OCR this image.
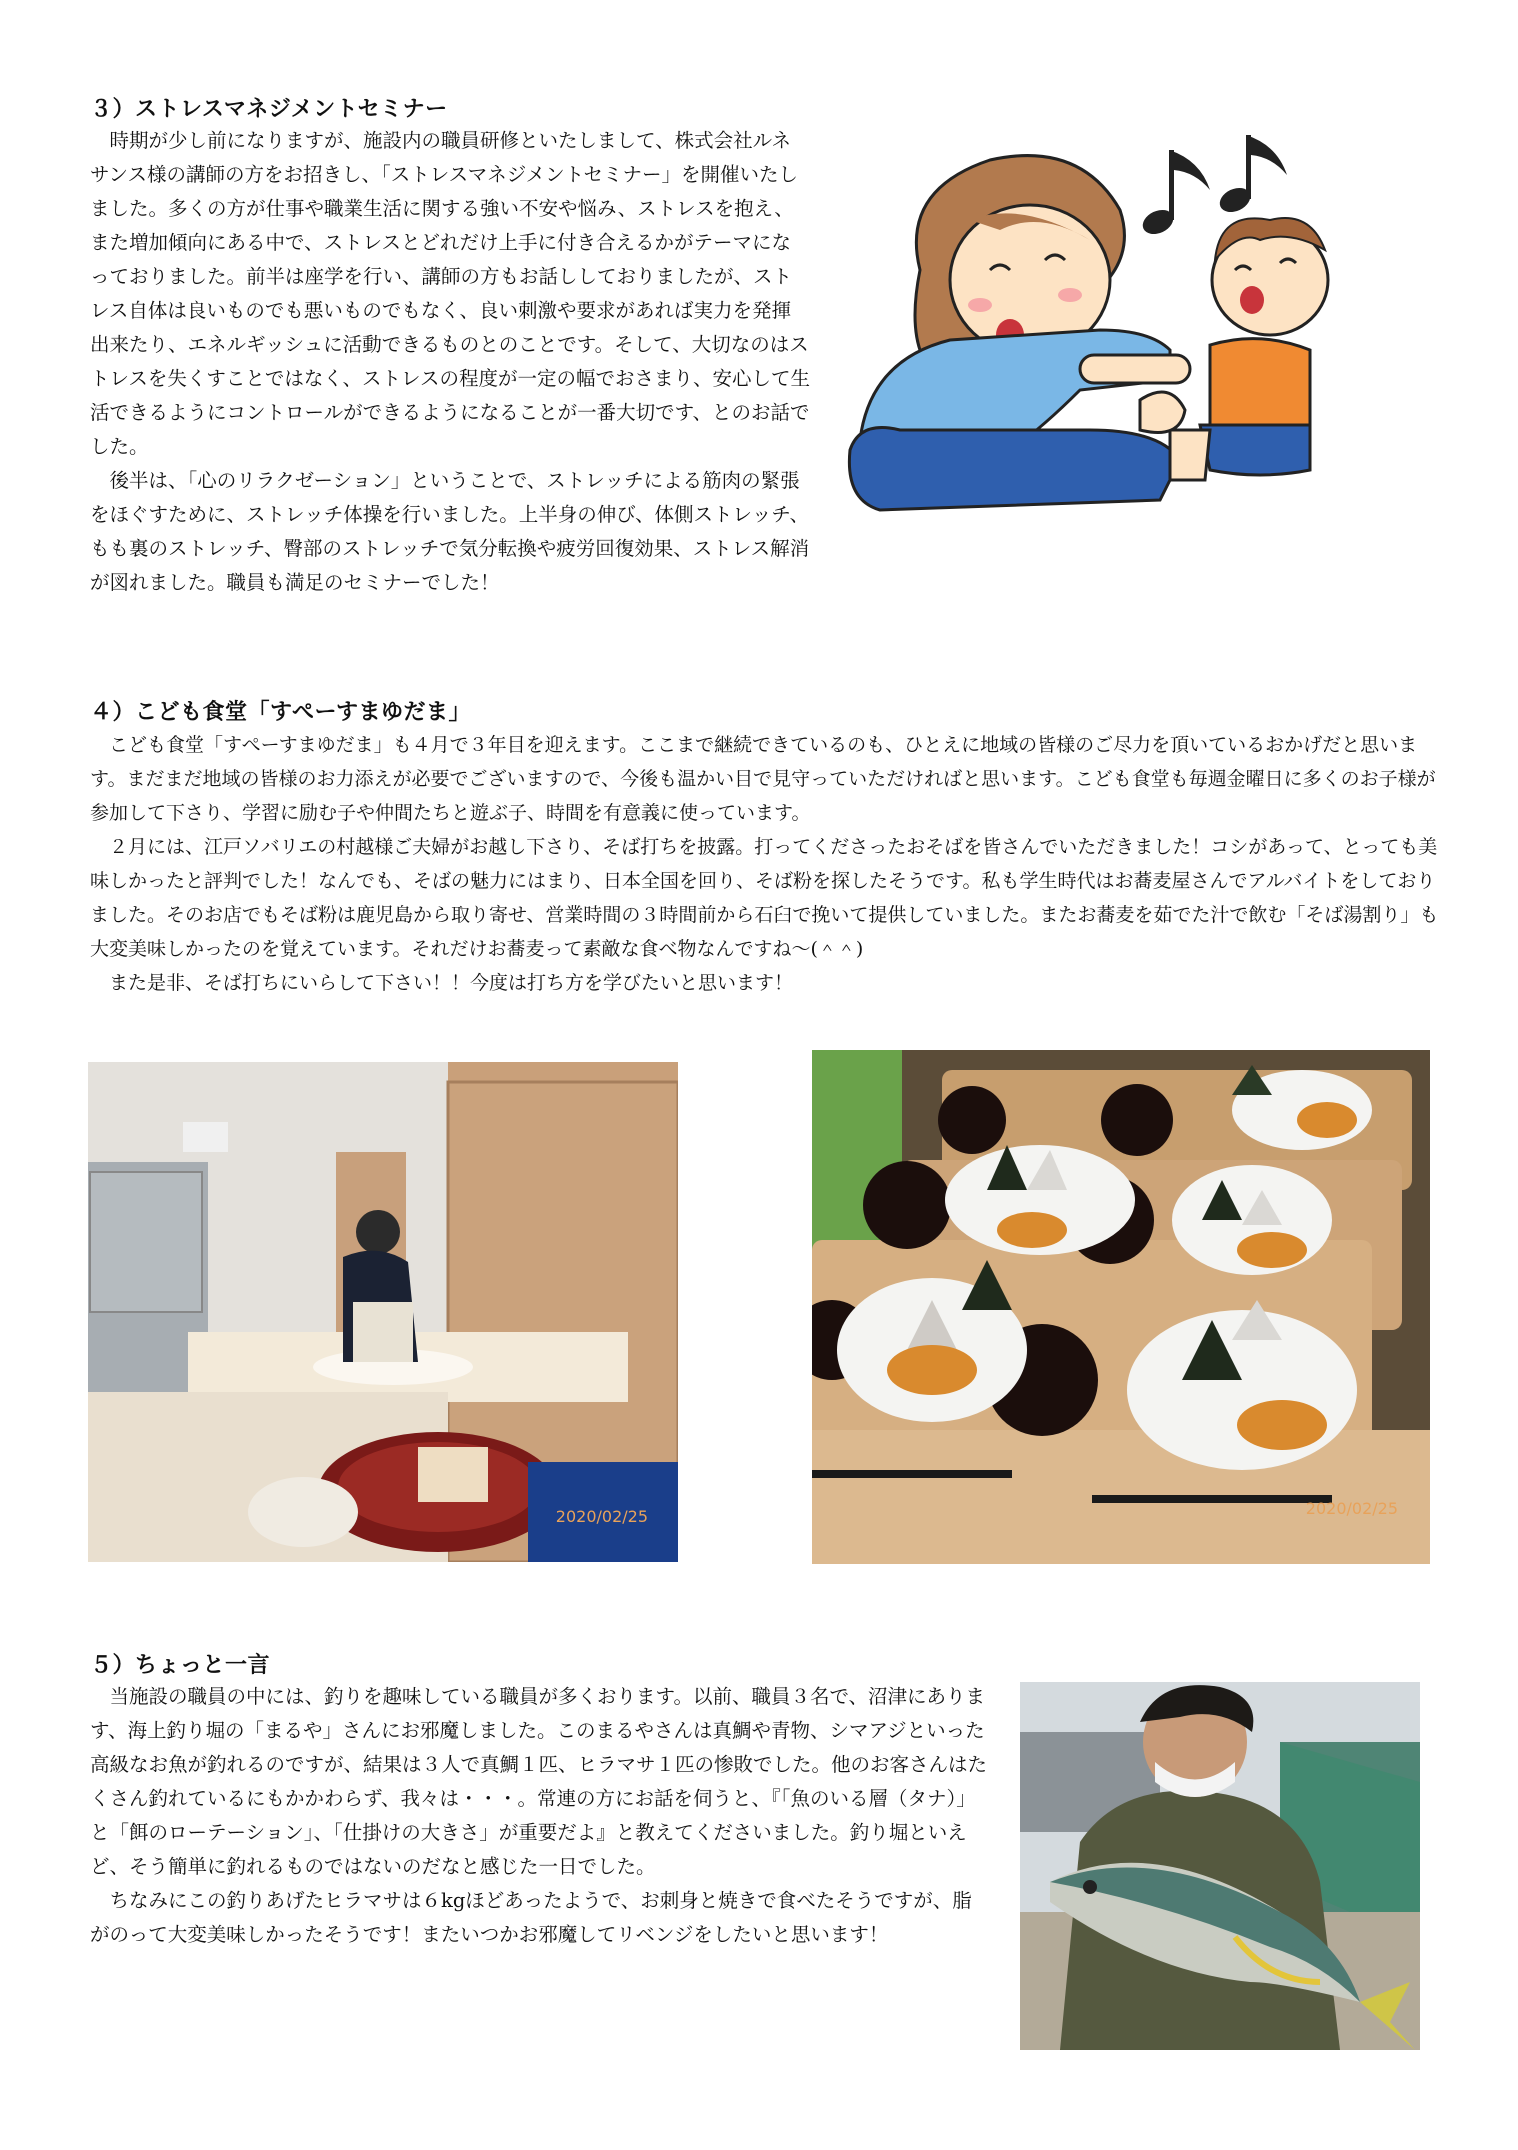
３）ストレスマネジメントセミナー

時期が少し前になりますが、施設内の職員研修といたしまして、株式会社ルネサンス様の講師の方をお招きし、「ストレスマネジメントセミナー」を開催いたしました。多くの方が仕事や職業生活に関する強い不安や悩み、ストレスを抱え、また増加傾向にある中で、ストレスとどれだけ上手に付き合えるかがテーマになっておりました。前半は座学を行い、講師の方もお話ししておりましたが、ストレス自体は良いものでも悪いものでもなく、良い刺激や要求があれば実力を発揮出来たり、エネルギッシュに活動できるものとのことです。そして、大切なのはストレスを失くすことではなく、ストレスの程度が一定の幅でおさまり、安心して生活できるようにコントロールができるようになることが一番大切です、とのお話でした。

後半は、「心のリラクゼーション」ということで、ストレッチによる筋肉の緊張をほぐすために、ストレッチ体操を行いました。上半身の伸び、体側ストレッチ、もも裏のストレッチ、臀部のストレッチで気分転換や疲労回復効果、ストレス解消が図れました。職員も満足のセミナーでした！

４）こども食堂「すぺーすまゆだま」

こども食堂「すぺーすまゆだま」も４月で３年目を迎えます。ここまで継続できているのも、ひとえに地域の皆様のご尽力を頂いているおかげだと思います。まだまだ地域の皆様のお力添えが必要でございますので、今後も温かい目で見守っていただければと思います。こども食堂も毎週金曜日に多くのお子様が参加して下さり、学習に励む子や仲間たちと遊ぶ子、時間を有意義に使っています。

２月には、江戸ソバリエの村越様ご夫婦がお越し下さり、そば打ちを披露。打ってくださったおそばを皆さんでいただきました！コシがあって、とっても美味しかったと評判でした！なんでも、そばの魅力にはまり、日本全国を回り、そば粉を探したそうです。私も学生時代はお蕎麦屋さんでアルバイトをしておりました。そのお店でもそば粉は鹿児島から取り寄せ、営業時間の３時間前から石臼で挽いて提供していました。またお蕎麦を茹でた汁で飲む「そば湯割り」も大変美味しかったのを覚えています。それだけお蕎麦って素敵な食べ物なんですね～(＾＾)

また是非、そば打ちにいらして下さい！！今度は打ち方を学びたいと思います！

2020/02/25	2020/02/25
５）ちょっと一言

当施設の職員の中には、釣りを趣味している職員が多くおります。以前、職員３名で、沼津にあります、海上釣り堀の「まるや」さんにお邪魔しました。このまるやさんは真鯛や青物、シマアジといった高級なお魚が釣れるのですが、結果は３人で真鯛１匹、ヒラマサ１匹の惨敗でした。他のお客さんはたくさん釣れているにもかかわらず、我々は・・・。常連の方にお話を伺うと、『「魚のいる層（タナ）」と「餌のローテーション」、「仕掛けの大きさ」が重要だよ』と教えてくださいました。釣り堀といえど、そう簡単に釣れるものではないのだなと感じた一日でした。

ちなみにこの釣りあげたヒラマサは６kgほどあったようで、お刺身と焼きで食べたそうですが、脂がのって大変美味しかったそうです！またいつかお邪魔してリベンジをしたいと思います！
